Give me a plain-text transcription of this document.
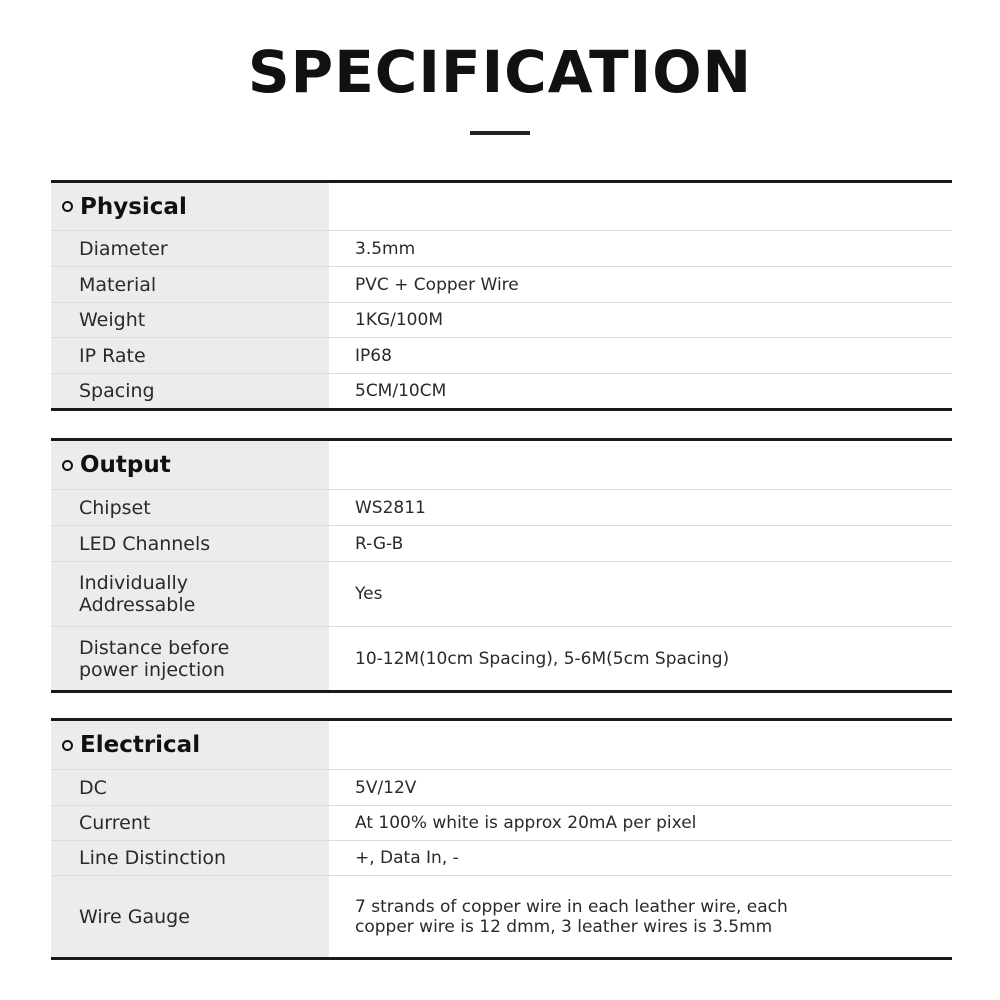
SPECIFICATION
Physical
Diameter	3.5mm
Material	PVC + Copper Wire
Weight	1KG/100M
IP Rate	IP68
Spacing	5CM/10CM
Output
Chipset	WS2811
LED Channels	R-G-B
Individually
Addressable	Yes
Distance before
power injection	10-12M(10cm Spacing), 5-6M(5cm Spacing)
Electrical
DC	5V/12V
Current	At 100% white is approx 20mA per pixel
Line Distinction	+, Data In, -
Wire Gauge	7 strands of copper wire in each leather wire, each
copper wire is 12 dmm, 3 leather wires is 3.5mm
